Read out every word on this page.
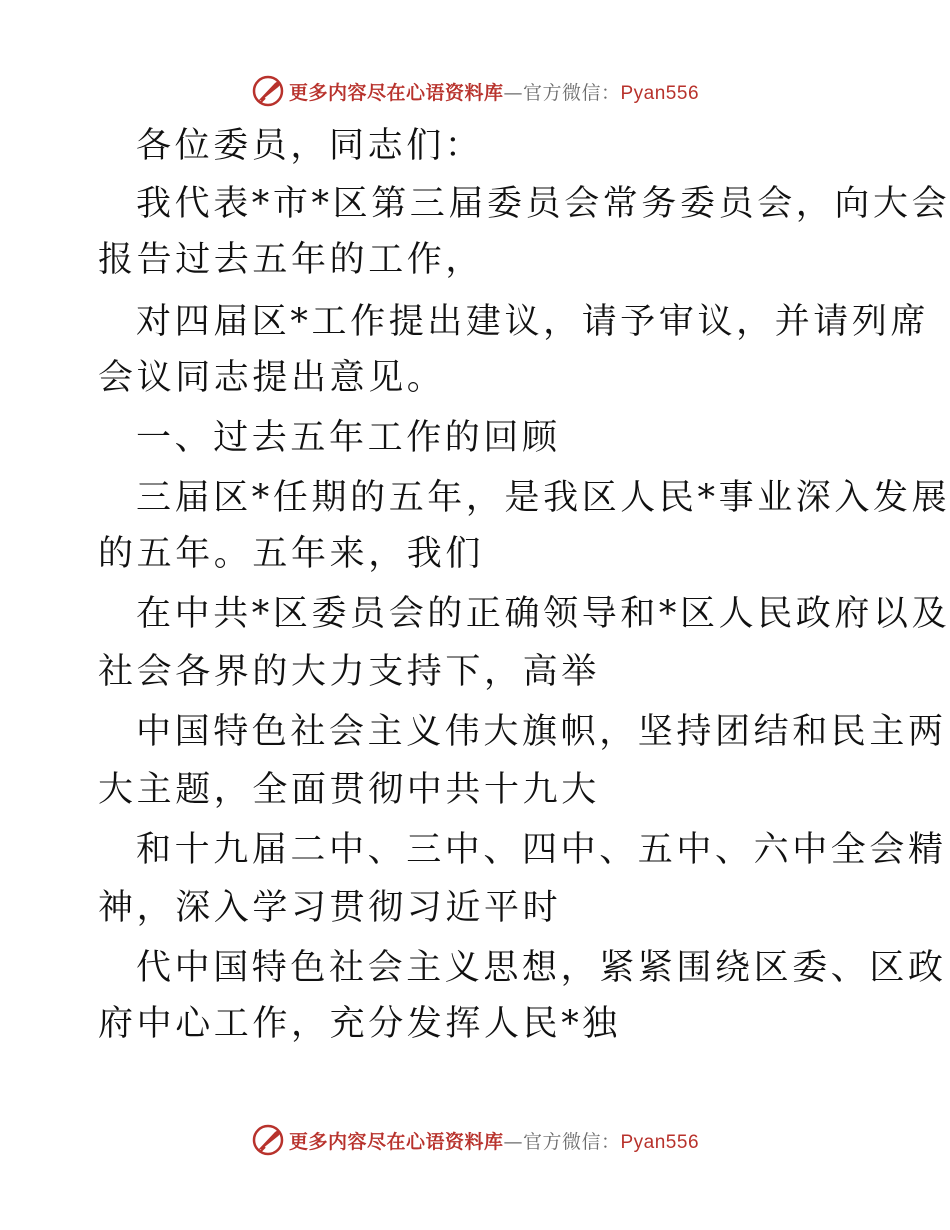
更多内容尽在心语资料库—官方微信：Pyan556
各位委员，同志们：
我代表*市*区第三届委员会常务委员会，向大会
报告过去五年的工作，
对四届区*工作提出建议，请予审议，并请列席
会议同志提出意见。
一、过去五年工作的回顾
三届区*任期的五年，是我区人民*事业深入发展
的五年。五年来，我们
在中共*区委员会的正确领导和*区人民政府以及
社会各界的大力支持下，高举
中国特色社会主义伟大旗帜，坚持团结和民主两
大主题，全面贯彻中共十九大
和十九届二中、三中、四中、五中、六中全会精
神，深入学习贯彻习近平时
代中国特色社会主义思想，紧紧围绕区委、区政
府中心工作，充分发挥人民*独
更多内容尽在心语资料库—官方微信：Pyan556
